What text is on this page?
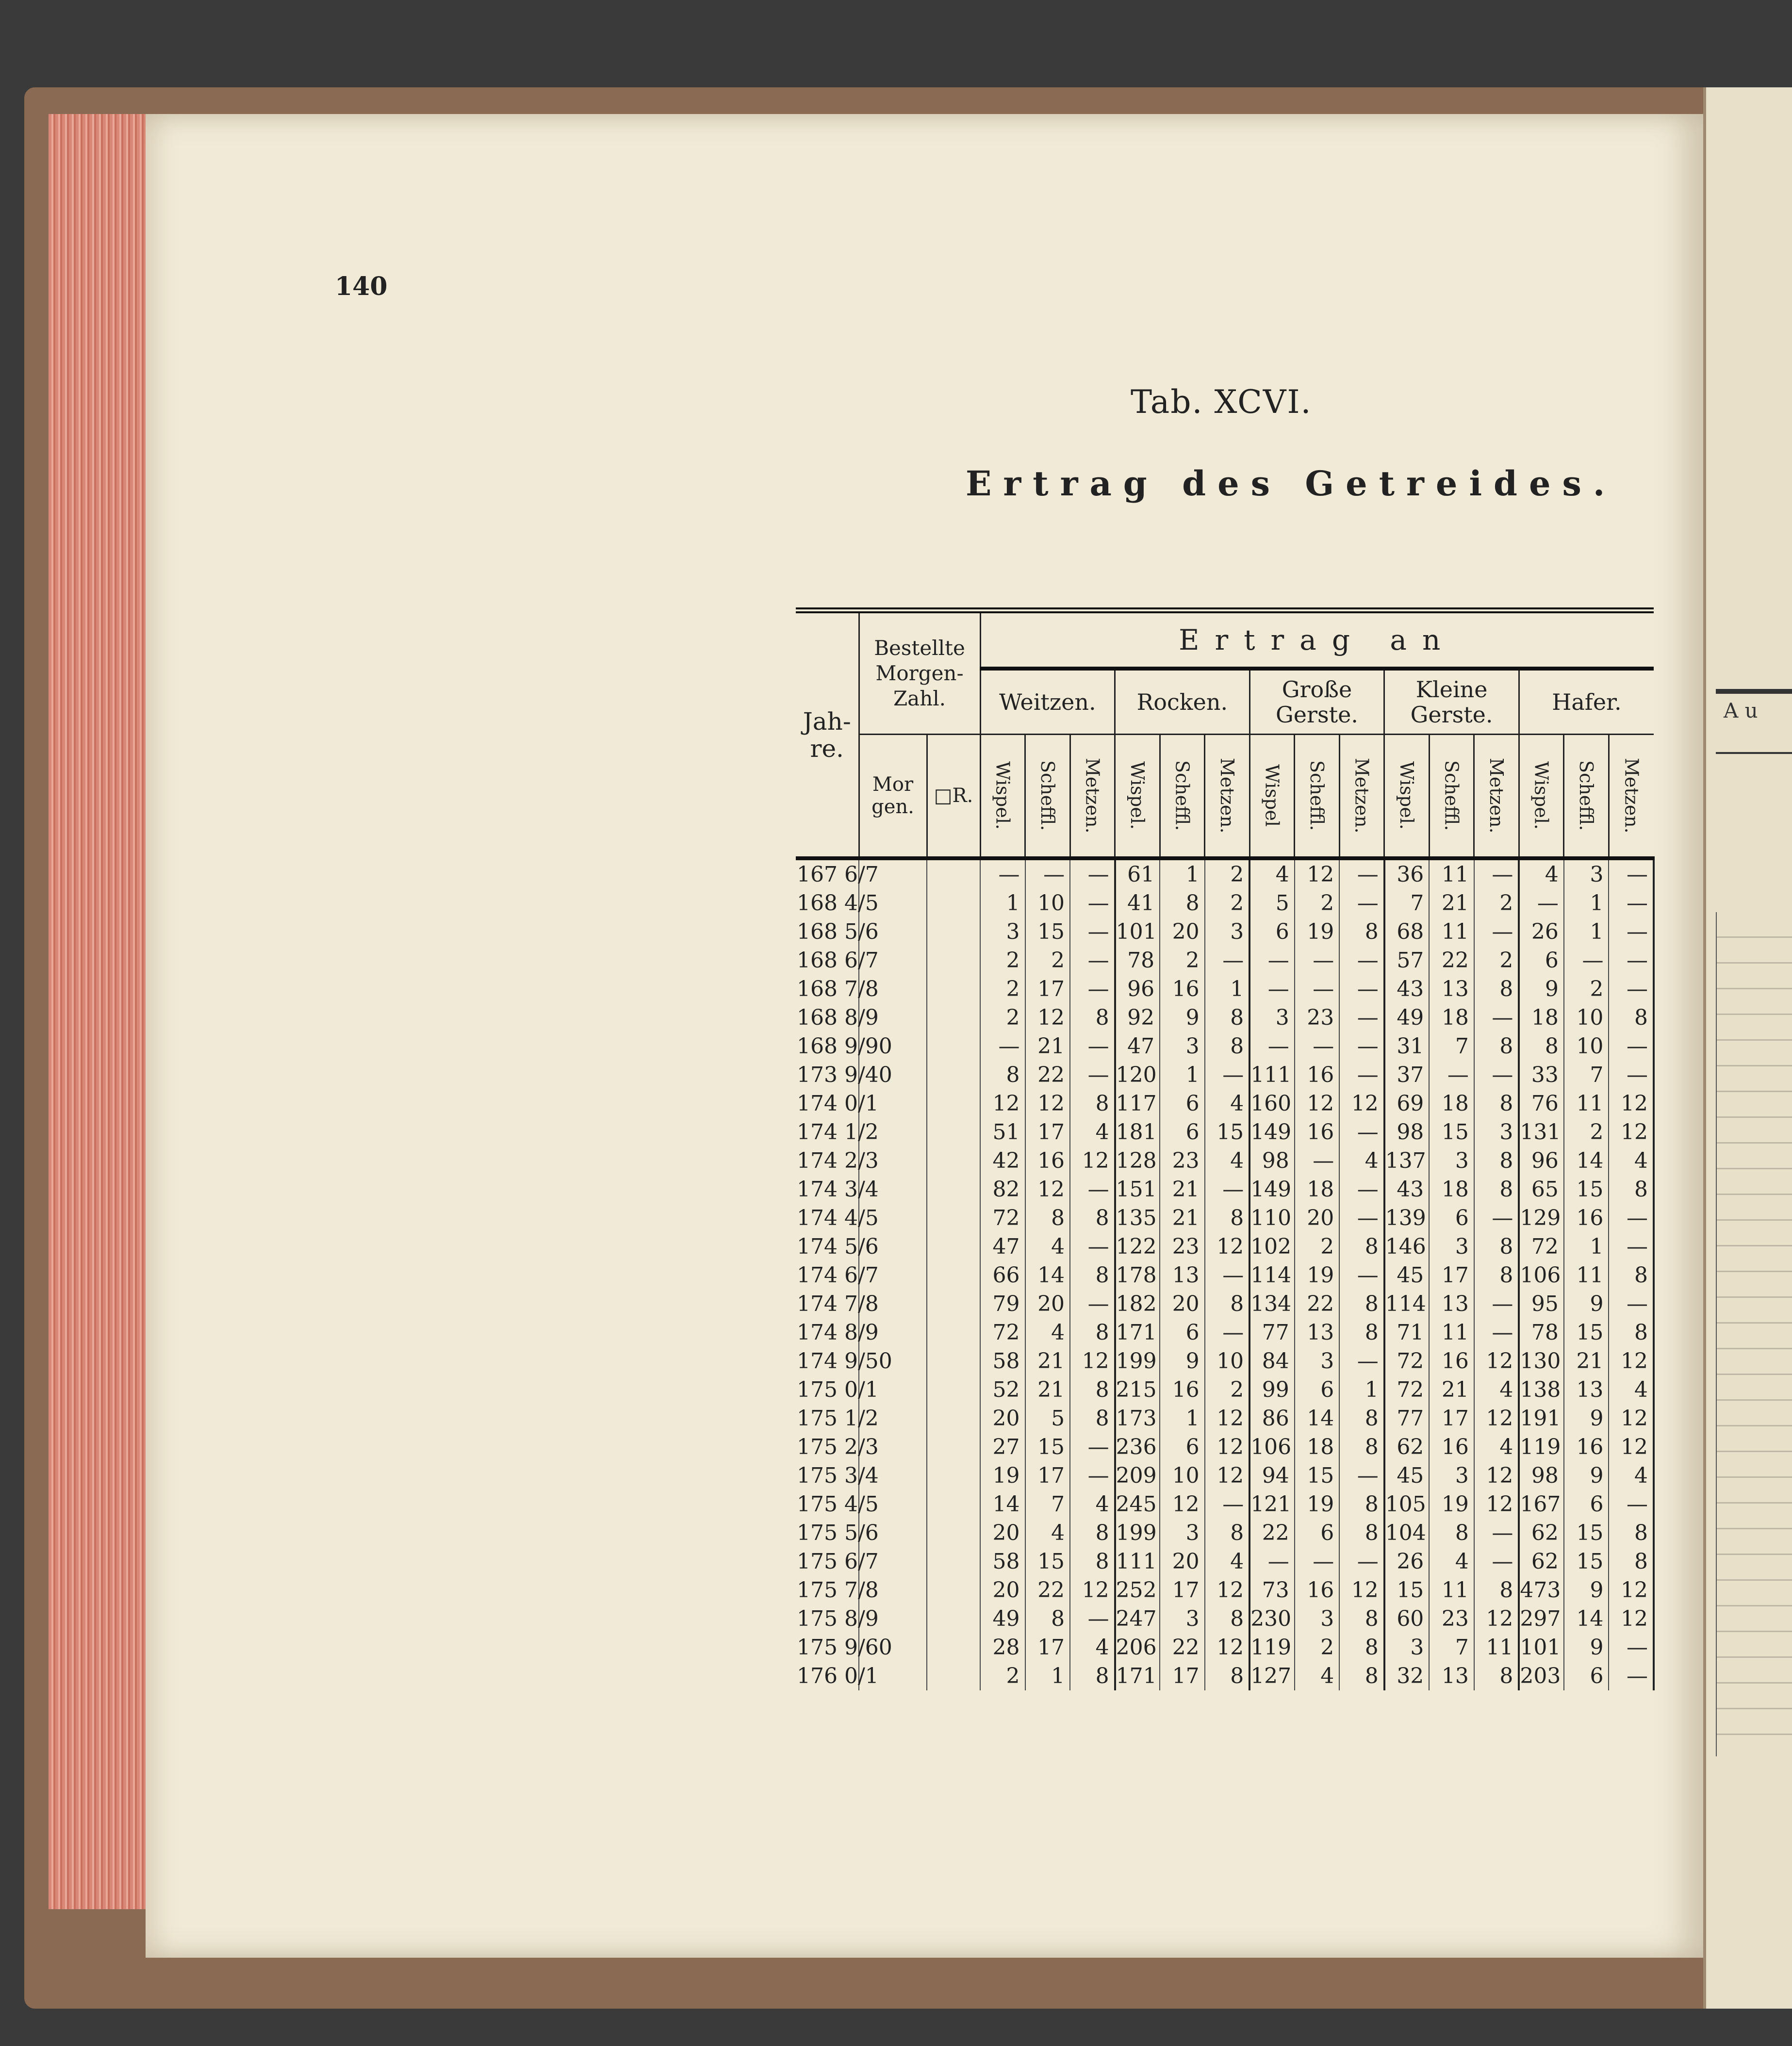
A u
140
Tab. XCVI.
Ertrag des Getreides.
Jah-re.	Bestellte Morgen-Zahl.		Ertrag an														
			Weitzen.			Rocken.			Große Gerste.			Kleine Gerste.			Hafer.		
	Mor gen.	□R.	Wispel.	Scheffl.	Metzen.	Wispel.	Scheffl.	Metzen.	Wispel	Scheffl.	Metzen.	Wispel.	Scheffl.	Metzen.	Wispel.	Scheffl.	Metzen.
167 6/7			—	—	—	61	1	2	4	12	—	36	11	—	4	3	—
168 4/5			1	10	—	41	8	2	5	2	—	7	21	2	—	1	—
168 5/6			3	15	—	101	20	3	6	19	8	68	11	—	26	1	—
168 6/7			2	2	—	78	2	—	—	—	—	57	22	2	6	—	—
168 7/8			2	17	—	96	16	1	—	—	—	43	13	8	9	2	—
168 8/9			2	12	8	92	9	8	3	23	—	49	18	—	18	10	8
168 9/90			—	21	—	47	3	8	—	—	—	31	7	8	8	10	—
173 9/40			8	22	—	120	1	—	111	16	—	37	—	—	33	7	—
174 0/1			12	12	8	117	6	4	160	12	12	69	18	8	76	11	12
174 1/2			51	17	4	181	6	15	149	16	—	98	15	3	131	2	12
174 2/3			42	16	12	128	23	4	98	—	4	137	3	8	96	14	4
174 3/4			82	12	—	151	21	—	149	18	—	43	18	8	65	15	8
174 4/5			72	8	8	135	21	8	110	20	—	139	6	—	129	16	—
174 5/6			47	4	—	122	23	12	102	2	8	146	3	8	72	1	—
174 6/7			66	14	8	178	13	—	114	19	—	45	17	8	106	11	8
174 7/8			79	20	—	182	20	8	134	22	8	114	13	—	95	9	—
174 8/9			72	4	8	171	6	—	77	13	8	71	11	—	78	15	8
174 9/50			58	21	12	199	9	10	84	3	—	72	16	12	130	21	12
175 0/1			52	21	8	215	16	2	99	6	1	72	21	4	138	13	4
175 1/2			20	5	8	173	1	12	86	14	8	77	17	12	191	9	12
175 2/3			27	15	—	236	6	12	106	18	8	62	16	4	119	16	12
175 3/4			19	17	—	209	10	12	94	15	—	45	3	12	98	9	4
175 4/5			14	7	4	245	12	—	121	19	8	105	19	12	167	6	—
175 5/6			20	4	8	199	3	8	22	6	8	104	8	—	62	15	8
175 6/7			58	15	8	111	20	4	—	—	—	26	4	—	62	15	8
175 7/8			20	22	12	252	17	12	73	16	12	15	11	8	473	9	12
175 8/9			49	8	—	247	3	8	230	3	8	60	23	12	297	14	12
175 9/60			28	17	4	206	22	12	119	2	8	3	7	11	101	9	—
176 0/1			2	1	8	171	17	8	127	4	8	32	13	8	203	6	—
